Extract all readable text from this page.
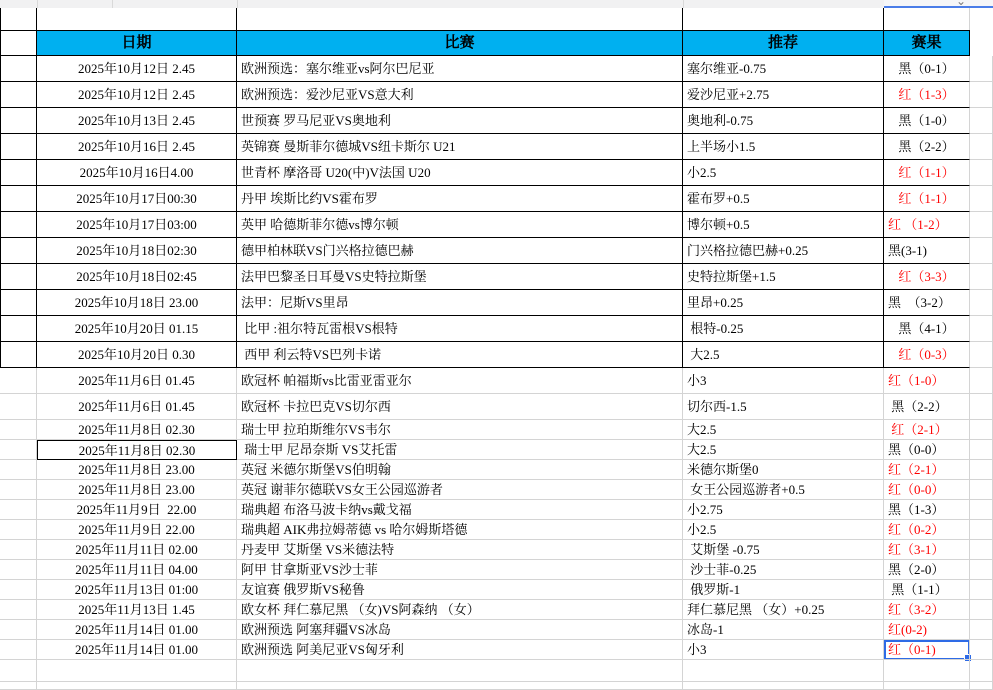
⌄
日期	比赛	推荐	赛果
2025年10月12日 2.45	欧洲预选：塞尔维亚vs阿尔巴尼亚	塞尔维亚-0.75	黑（0-1）
2025年10月12日 2.45	欧洲预选：爱沙尼亚VS意大利	爱沙尼亚+2.75	红（1-3）
2025年10月13日 2.45	世预赛 罗马尼亚VS奥地利	奥地利-0.75	黑（1-0）
2025年10月16日 2.45	英锦赛 曼斯菲尔德城VS纽卡斯尔 U21	上半场小1.5	黑（2-2）
2025年10月16日4.00	世青杯 摩洛哥 U20(中)V法国 U20	小2.5	红（1-1）
2025年10月17日00:30	丹甲 埃斯比约VS霍布罗	霍布罗+0.5	红（1-1）
2025年10月17日03:00	英甲 哈德斯菲尔德vs博尔顿	博尔顿+0.5	红 （1-2）
2025年10月18日02:30	德甲柏林联VS门兴格拉德巴赫	门兴格拉德巴赫+0.25	黑(3-1)
2025年10月18日02:45	法甲巴黎圣日耳曼VS史特拉斯堡	史特拉斯堡+1.5	红（3-3）
2025年10月18日 23.00	法甲：尼斯VS里昂	里昂+0.25	黑　（3-2）
2025年10月20日 01.15	比甲 :祖尔特瓦雷根VS根特	根特-0.25	黑（4-1）
2025年10月20日 0.30	西甲 利云特VS巴列卡诺	大2.5	红（0-3）
2025年11月6日 01.45	欧冠杯 帕福斯vs比雷亚雷亚尔	小3	红（1-0）
2025年11月6日 01.45	欧冠杯 卡拉巴克VS切尔西	切尔西-1.5	黑（2-2）
2025年11月8日 02.30	瑞士甲 拉珀斯维尔VS韦尔	大2.5	红（2-1）
2025年11月8日 02.30	瑞士甲 尼昂奈斯 VS艾托雷	大2.5	黑（0-0）
2025年11月8日 23.00	英冠 米德尔斯堡VS伯明翰	米德尔斯堡0	红（2-1）
2025年11月8日 23.00	英冠 谢菲尔德联VS女王公园巡游者	女王公园巡游者+0.5	红（0-0）
2025年11月9日  22.00	瑞典超 布洛马波卡纳vs戴戈福	小2.75	黑（1-3）
2025年11月9日 22.00	瑞典超 AIK弗拉姆蒂德 vs 哈尔姆斯塔德	小2.5	红（0-2）
2025年11月11日 02.00	丹麦甲 艾斯堡 VS米德法特	艾斯堡 -0.75	红（3-1）
2025年11月11日 04.00	阿甲 甘拿斯亚VS沙士菲	沙士菲-0.25	黑（2-0）
2025年11月13日 01:00	友谊赛 俄罗斯VS秘鲁	俄罗斯-1	黑（1-1）
2025年11月13日 1.45	欧女杯 拜仁慕尼黑 （女)VS阿森纳 （女）	拜仁慕尼黑 （女）+0.25	红（3-2）
2025年11月14日 01.00	欧洲预选 阿塞拜疆VS冰岛	冰岛-1	红(0-2)
2025年11月14日 01.00	欧洲预选 阿美尼亚VS匈牙利	小3	红（0-1)
